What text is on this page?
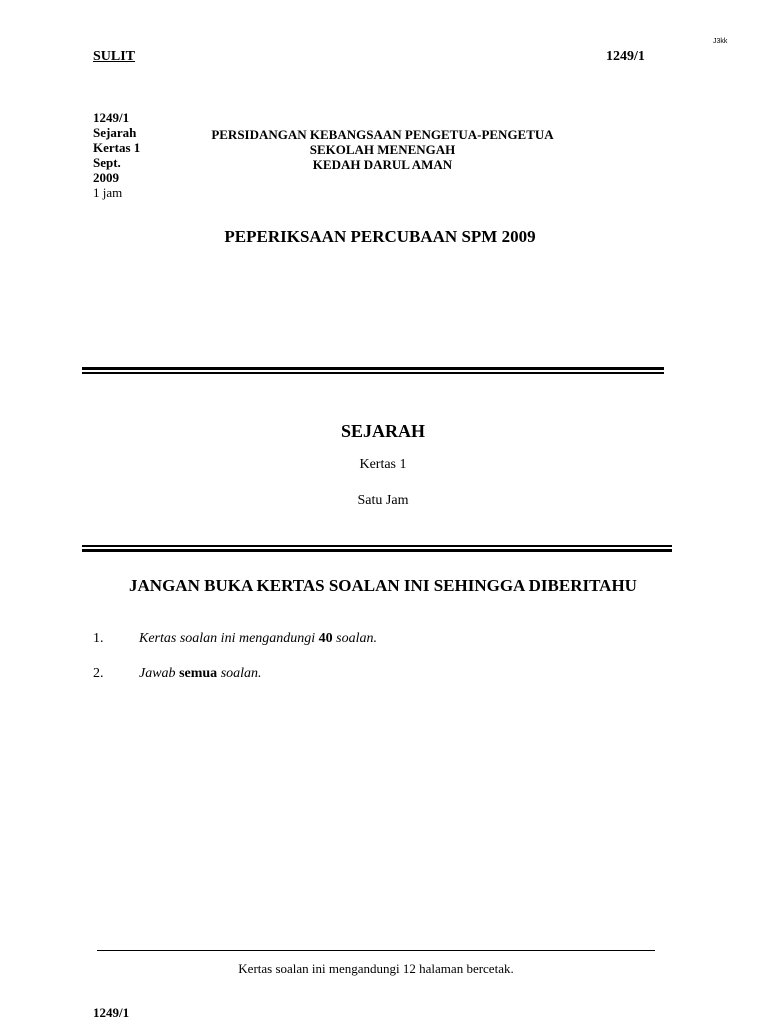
J3kk
SULIT	1249/1
1249/1
Sejarah
Kertas 1
Sept.
2009
1 jam
PERSIDANGAN KEBANGSAAN PENGETUA-PENGETUA
SEKOLAH MENENGAH
KEDAH DARUL AMAN
PEPERIKSAAN PERCUBAAN SPM 2009
SEJARAH
Kertas 1
Satu Jam
JANGAN BUKA KERTAS SOALAN INI SEHINGGA DIBERITAHU
1.	Kertas soalan ini mengandungi 40 soalan.
2.	Jawab semua soalan.
Kertas soalan ini mengandungi 12 halaman bercetak.
1249/1
